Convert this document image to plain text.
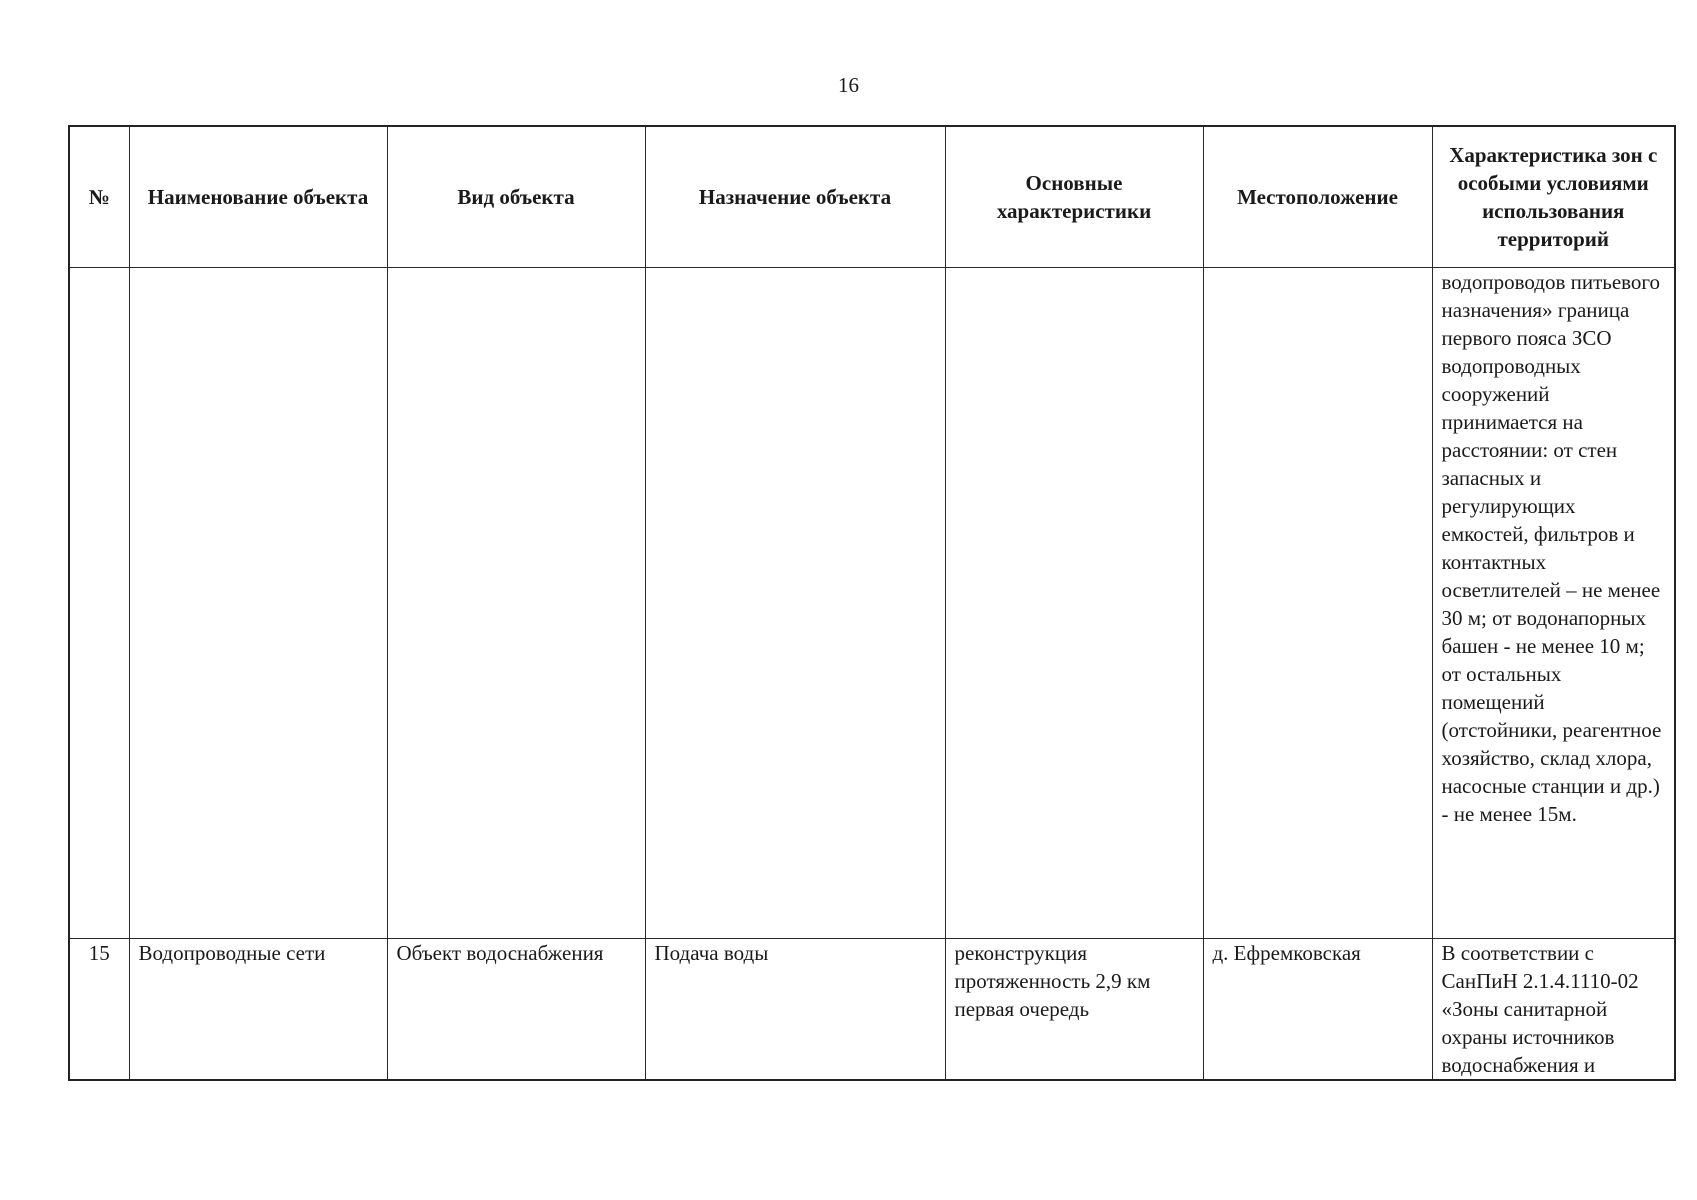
16
№	Наименование объекта	Вид объекта	Назначение объекта	Основные характеристики	Местоположение	Характеристика зон с особыми условиями использования территорий
						водопроводов питьевого назначения» граница первого пояса ЗСО водопроводных сооружений принимается на расстоянии: от стен запасных и регулирующих емкостей, фильтров и контактных осветлителей – не менее 30 м; от водонапорных башен - не менее 10 м; от остальных помещений (отстойники, реагентное хозяйство, склад хлора, насосные станции и др.) - не менее 15м.
15	Водопроводные сети	Объект водоснабжения	Подача воды	реконструкция протяженность 2,9 км первая очередь	д. Ефремковская	В соответствии с СанПиН 2.1.4.1110-02 «Зоны санитарной охраны источников водоснабжения и
